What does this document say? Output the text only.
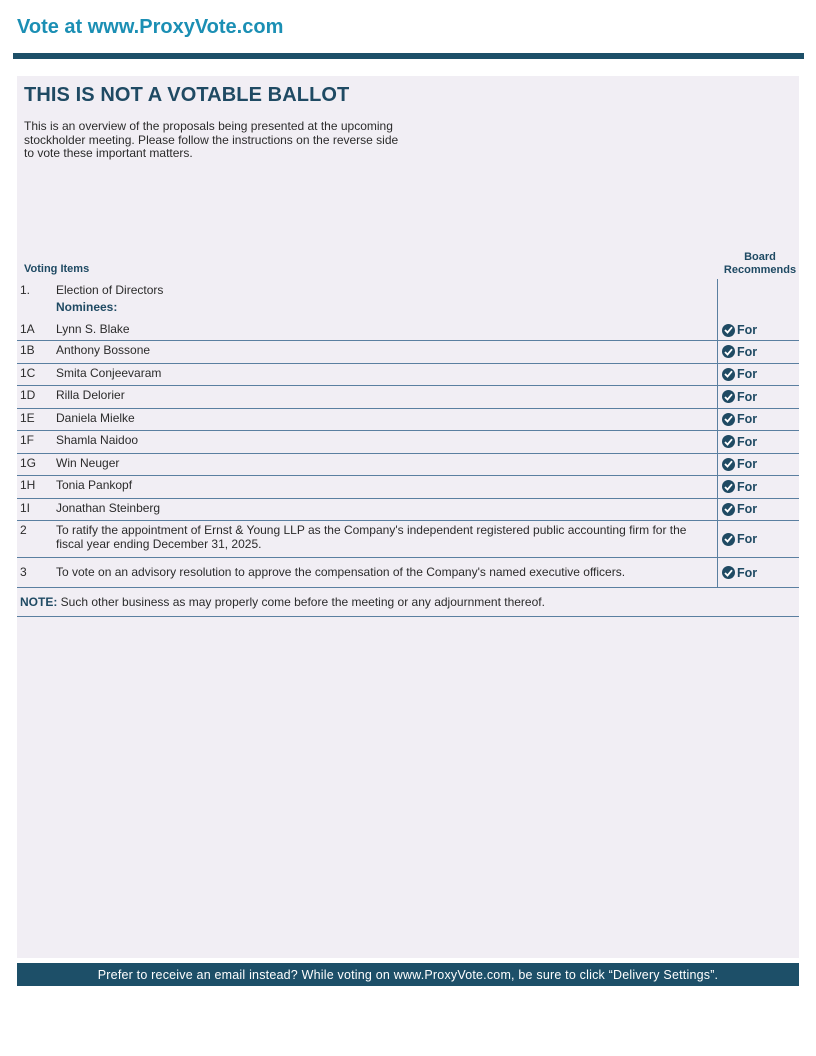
Vote at www.ProxyVote.com
THIS IS NOT A VOTABLE BALLOT
This is an overview of the proposals being presented at the upcoming stockholder meeting. Please follow the instructions on the reverse side to vote these important matters.
Voting Items
Board
Recommends
1.	Election of Directors
Nominees:
1A	Lynn S. Blake	For
1B	Anthony Bossone	For
1C	Smita Conjeevaram	For
1D	Rilla Delorier	For
1E	Daniela Mielke	For
1F	Shamla Naidoo	For
1G	Win Neuger	For
1H	Tonia Pankopf	For
1I	Jonathan Steinberg	For
2	To ratify the appointment of Ernst & Young LLP as the Company's independent registered public accounting firm for the fiscal year ending December 31, 2025.	For
3	To vote on an advisory resolution to approve the compensation of the Company's named executive officers.	For
NOTE: Such other business as may properly come before the meeting or any adjournment thereof.
Prefer to receive an email instead? While voting on www.ProxyVote.com, be sure to click “Delivery Settings”.
